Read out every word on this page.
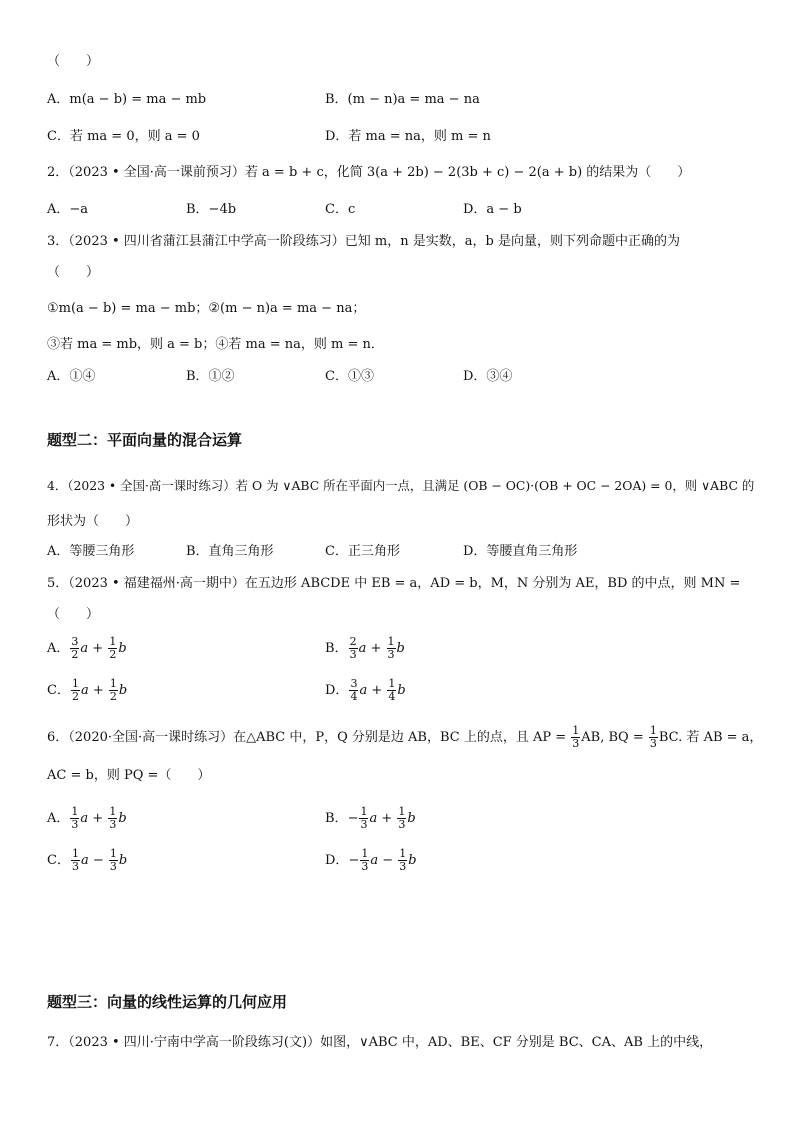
（　　）
A．m(a − b) = ma − mb	B．(m − n)a = ma − na
C．若 ma = 0，则 a = 0	D．若 ma = na，则 m = n
2．（2023 • 全国·高一课前预习）若 a = b + c，化简 3(a + 2b) − 2(3b + c) − 2(a + b) 的结果为（　　）
A．−a	B．−4b	C．c	D．a − b
3．（2023 • 四川省蒲江县蒲江中学高一阶段练习）已知 m，n 是实数，a，b 是向量，则下列命题中正确的为
（　　）
①m(a − b) = ma − mb；②(m − n)a = ma − na；
③若 ma = mb，则 a = b；④若 ma = na，则 m = n．
A．①④	B．①②	C．①③	D．③④
题型二：平面向量的混合运算
4．（2023 • 全国·高一课时练习）若 O 为 ∨ABC 所在平面内一点，且满足 (OB − OC)·(OB + OC − 2OA) = 0，则 ∨ABC 的
形状为（　　）
A．等腰三角形	B．直角三角形	C．正三角形	D．等腰直角三角形
5．（2023 • 福建福州·高一期中）在五边形 ABCDE 中 EB = a，AD = b，M，N 分别为 AE，BD 的中点，则 MN =
（　　）
A． $\frac{3}{2}$ $a + \frac{1}{2}$ b	B． $\frac{2}{3}$ $a + \frac{1}{3}$ b
C． $\frac{1}{2}$ $a + \frac{1}{2}$ b	D． $\frac{3}{4}$ $a + \frac{1}{4}$ b
6．（2020·全国·高一课时练习）在△ABC 中，P，Q 分别是边 AB，BC 上的点，且 AP = $\frac{1}{3}$ AB, BQ = $\frac{1}{3}$ BC. 若 AB = a，
AC = b，则 PQ =（　　）
A． $\frac{1}{3}$ $a + \frac{1}{3}$ b	B．− $\frac{1}{3}$ $a + \frac{1}{3}$ b
C． $\frac{1}{3}$ $a - \frac{1}{3}$ b	D．− $\frac{1}{3}$ $a - \frac{1}{3}$ b
题型三：向量的线性运算的几何应用
7．（2023 • 四川·宁南中学高一阶段练习(文)）如图，∨ABC 中，AD、BE、CF 分别是 BC、CA、AB 上的中线，
